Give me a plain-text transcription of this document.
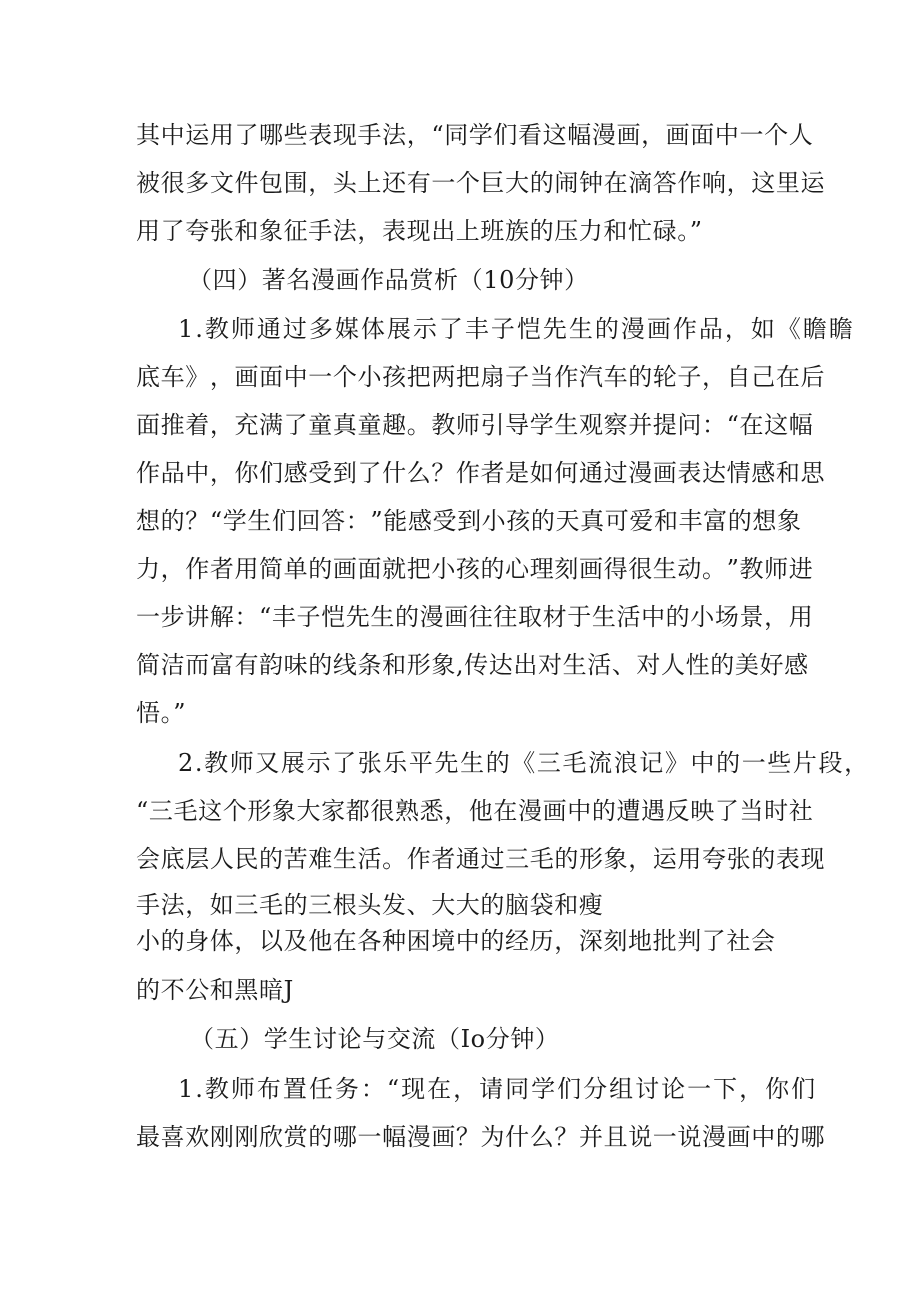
其 中 运 用 了 哪 些 表 现 手 法 ， “ 同 学 们 看 这 幅 漫 画 ， 画 面 中 一 个 人
被 很 多 文 件 包 围 ， 头 上 还 有 一 个 巨 大 的 闹 钟 在 滴 答 作 响 ， 这 里 运
用了夸张和象征手法，表现出上班族的压力和忙碌。”
（四）著名漫画作品赏析（10分钟）
1.教师通过多媒体展示了丰子恺先生的漫画作品，如《瞻瞻
底 车 》 ， 画 面 中 一 个 小 孩 把 两 把 扇 子 当 作 汽 车 的 轮 子 ， 自 己 在 后
面 推 着 ， 充 满 了 童 真 童 趣 。 教 师 引 导 学 生 观 察 并 提 问 ： “ 在 这 幅
作 品 中 ， 你 们 感 受 到 了 什 么 ？ 作 者 是 如 何 通 过 漫 画 表 达 情 感 和 思
想 的 ？ “ 学 生 们 回 答 ： ” 能 感 受 到 小 孩 的 天 真 可 爱 和 丰 富 的 想 象
力 ， 作 者 用 简 单 的 画 面 就 把 小 孩 的 心 理 刻 画 得 很 生 动 。 ” 教 师 进
一 步 讲 解 ： “ 丰 子 恺 先 生 的 漫 画 往 往 取 材 于 生 活 中 的 小 场 景 ， 用
简 洁 而 富 有 韵 味 的 线 条 和 形 象 , 传 达 出 对 生 活 、 对 人 性 的 美 好 感
悟。”
2.教师又展示了张乐平先生的《三毛流浪记》中的一些片段，
“ 三 毛 这 个 形 象 大 家 都 很 熟 悉 ， 他 在 漫 画 中 的 遭 遇 反 映 了 当 时 社
会 底 层 人 民 的 苦 难 生 活 。 作 者 通 过 三 毛 的 形 象 ， 运 用 夸 张 的 表 现
手法，如三毛的三根头发、大大的脑袋和瘦
小的身体，以及他在各种困境中的经历，深刻地批判了社会
的不公和黑暗J
（五）学生讨论与交流（Io分钟）
1.教师布置任务：“现在，请同学们分组讨论一下，你们
最 喜 欢 刚 刚 欣 赏 的 哪 一 幅 漫 画 ？ 为 什 么 ？ 并 且 说 一 说 漫 画 中 的 哪
